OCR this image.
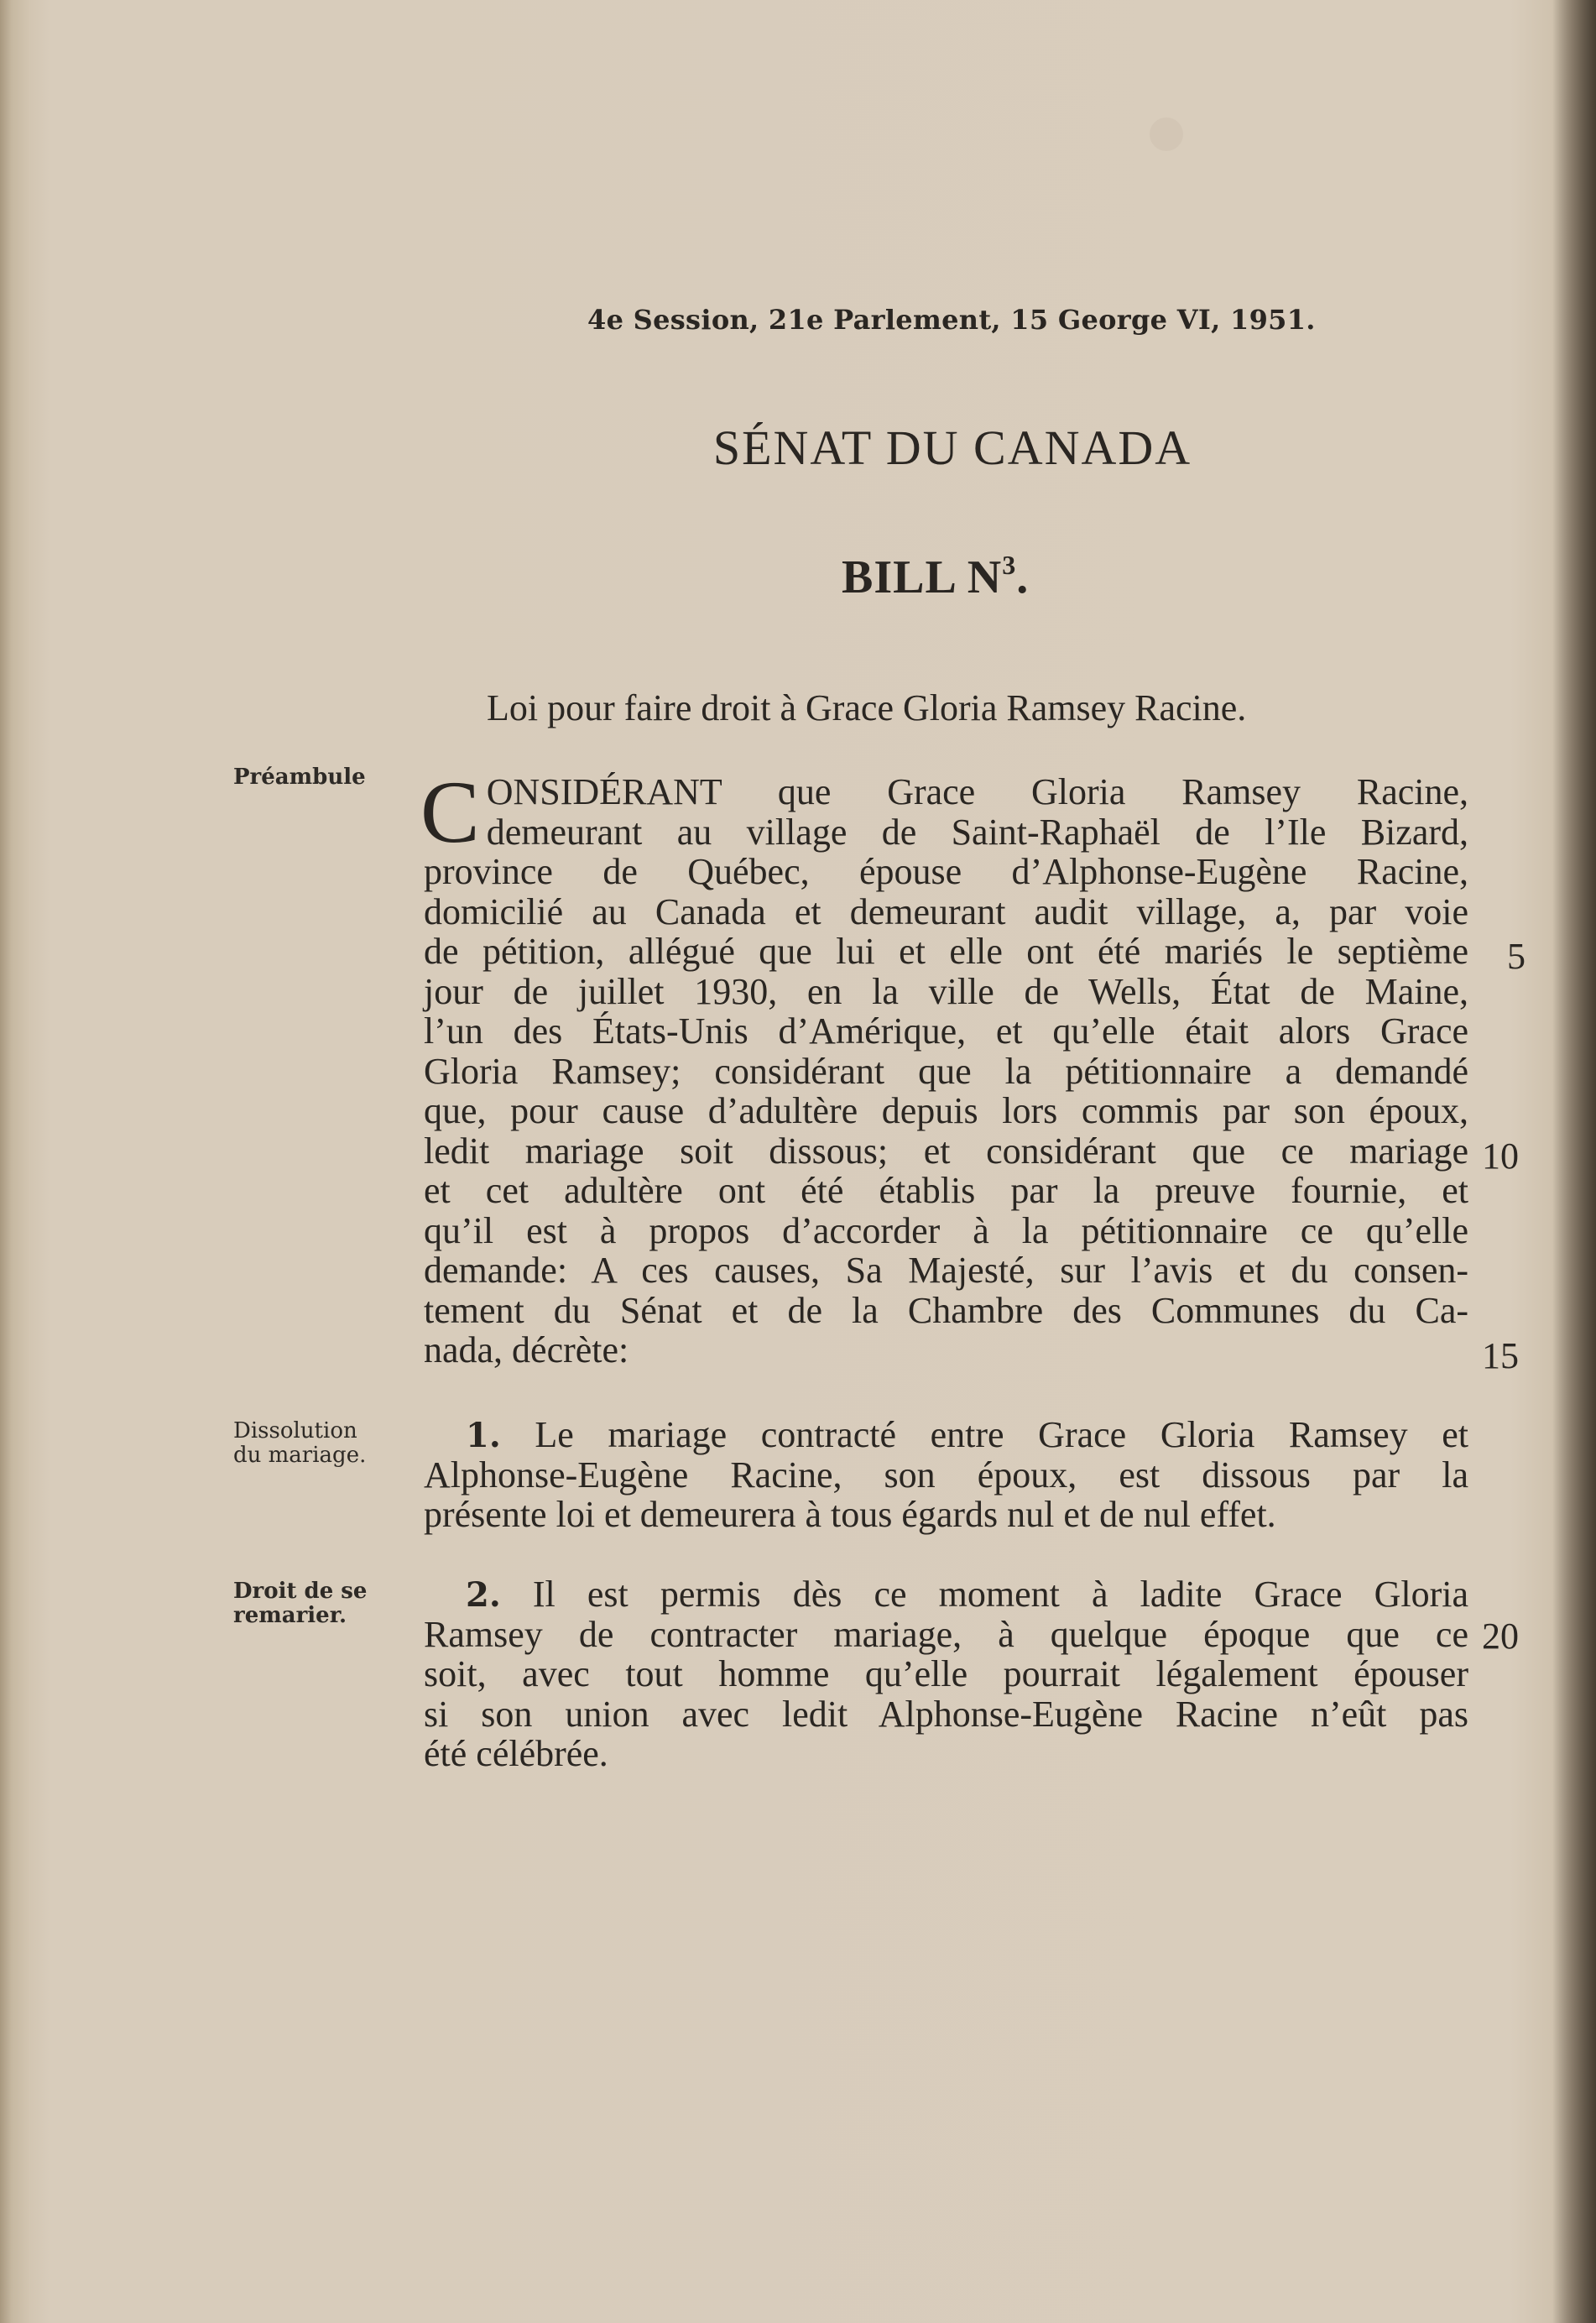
4e Session, 21e Parlement, 15 George VI, 1951.
SÉNAT DU CANADA
BILL $N^3$.
Loi pour faire droit à Grace Gloria Ramsey Racine.
Préambule
Dissolution
du mariage.
Droit de se
remarier.
C ONSIDÉRANT que Grace Gloria Ramsey Racine,
demeurant au village de Saint-Raphaël de l’Ile Bizard,
province de Québec, épouse d’Alphonse-Eugène Racine,
domicilié au Canada et demeurant audit village, a, par voie
de pétition, allégué que lui et elle ont été mariés le septième
jour de juillet 1930, en la ville de Wells, État de Maine,
l’un des États-Unis d’Amérique, et qu’elle était alors Grace
Gloria Ramsey; considérant que la pétitionnaire a demandé
que, pour cause d’adultère depuis lors commis par son époux,
ledit mariage soit dissous; et considérant que ce mariage
et cet adultère ont été établis par la preuve fournie, et
qu’il est à propos d’accorder à la pétitionnaire ce qu’elle
demande: A ces causes, Sa Majesté, sur l’avis et du consen-
tement du Sénat et de la Chambre des Communes du Ca-
nada, décrète:
1. Le mariage contracté entre Grace Gloria Ramsey et
Alphonse-Eugène Racine, son époux, est dissous par la
présente loi et demeurera à tous égards nul et de nul effet.
2. Il est permis dès ce moment à ladite Grace Gloria
Ramsey de contracter mariage, à quelque époque que ce
soit, avec tout homme qu’elle pourrait légalement épouser
si son union avec ledit Alphonse-Eugène Racine n’eût pas
été célébrée.
5
10
15
20
